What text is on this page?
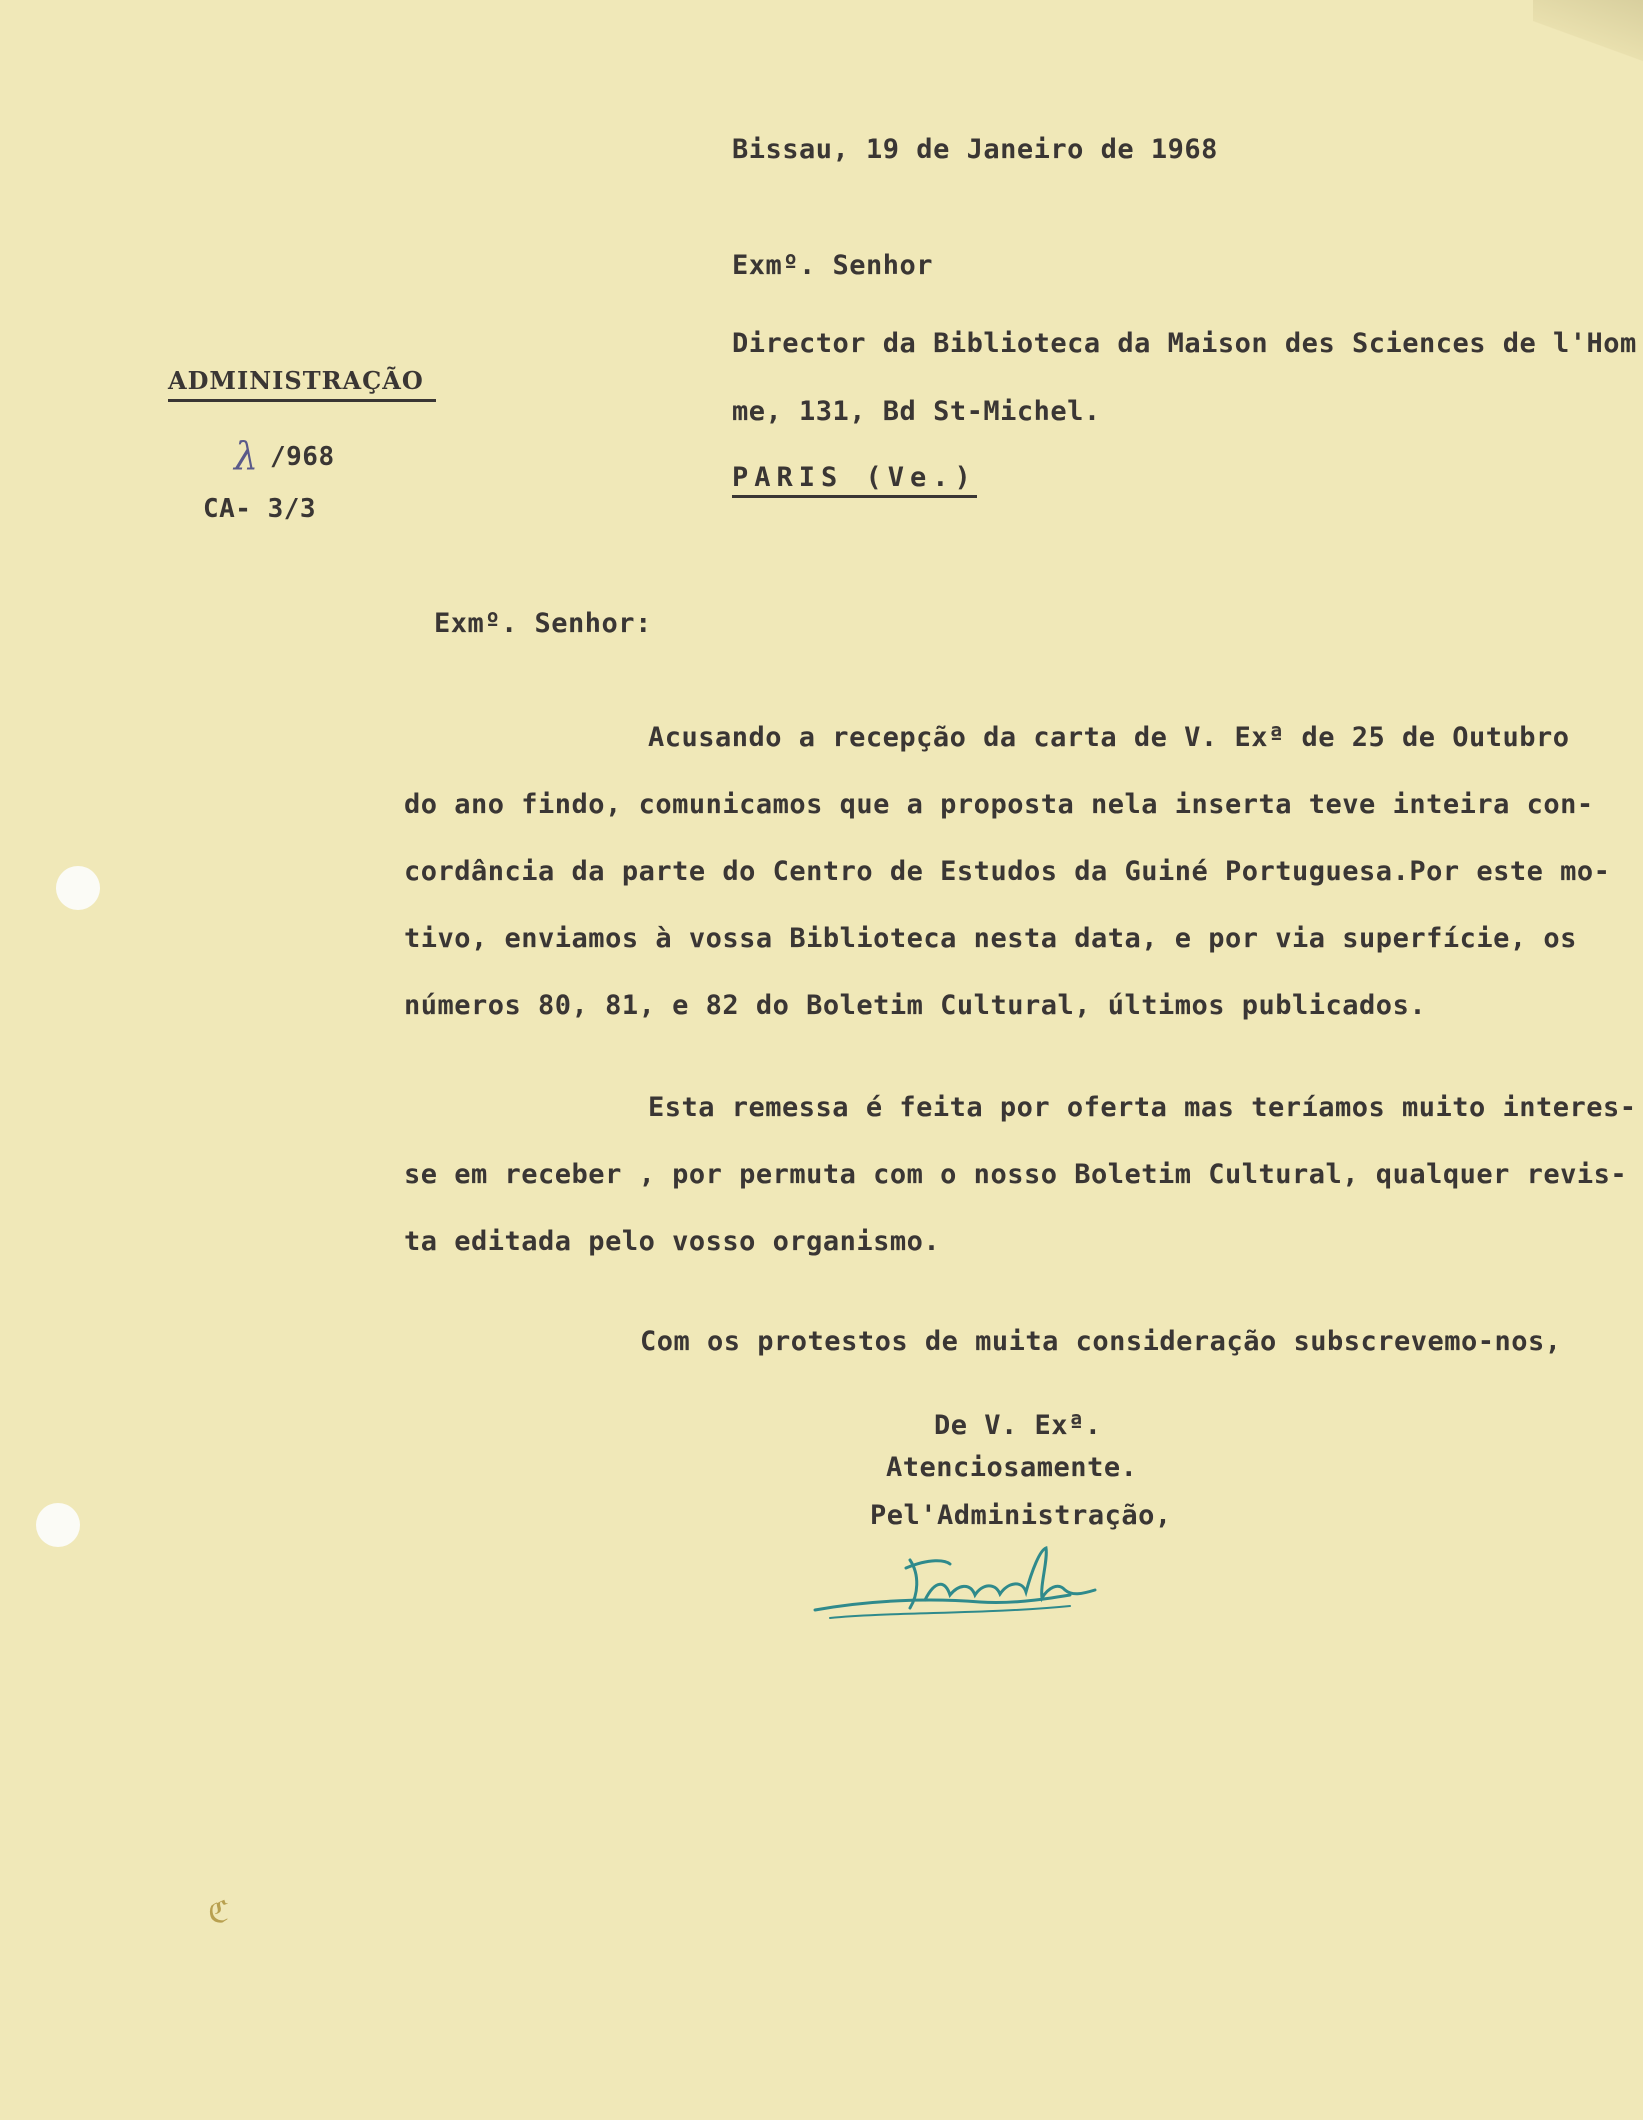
ℭ
Bissau, 19 de Janeiro de 1968
Exmº. Senhor
Director da Biblioteca da Maison des Sciences de l'Hom
me, 131, Bd St-Michel.
PARIS (Ve.)
ADMINISTRAÇÃO
λ /968
CA- 3/3
Exmº. Senhor:
Acusando a recepção da carta de V. Exª de 25 de Outubro
do ano findo, comunicamos que a proposta nela inserta teve inteira con-
cordância da parte do Centro de Estudos da Guiné Portuguesa.Por este mo-
tivo, enviamos à vossa Biblioteca nesta data, e por via superfície, os
números 80, 81, e 82 do Boletim Cultural, últimos publicados.
Esta remessa é feita por oferta mas teríamos muito interes-
se em receber , por permuta com o nosso Boletim Cultural, qualquer revis-
ta editada pelo vosso organismo.
Com os protestos de muita consideração subscrevemo-nos,
De V. Exª.
Atenciosamente.
Pel'Administração,
